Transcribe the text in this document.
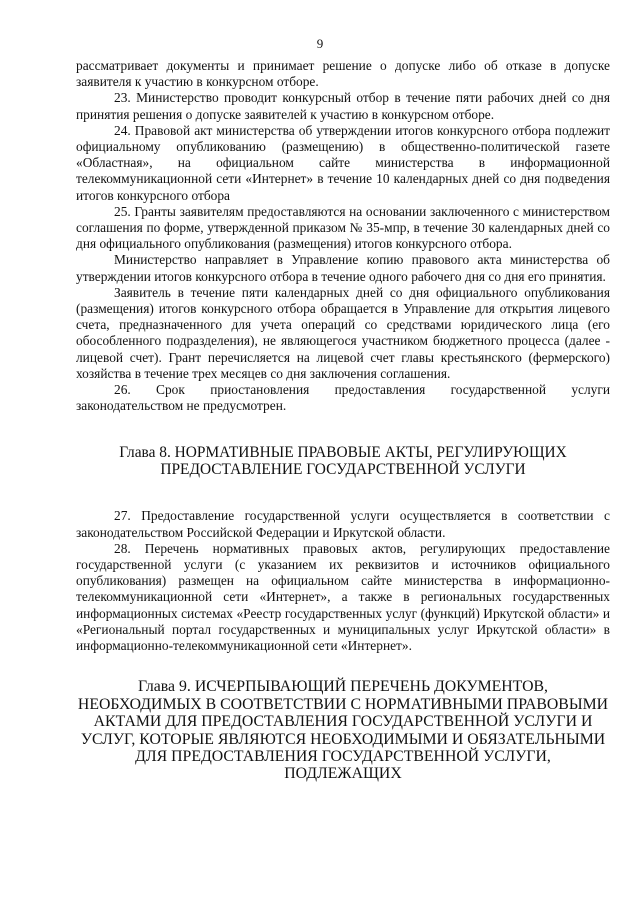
9

рассматривает документы и принимает решение о допуске либо об отказе в допуске заявителя к участию в конкурсном отборе.

23. Министерство проводит конкурсный отбор в течение пяти рабочих дней со дня принятия решения о допуске заявителей к участию в конкурсном отборе.

24. Правовой акт министерства об утверждении итогов конкурсного отбора подлежит официальному опубликованию (размещению) в общественно-политической газете «Областная», на официальном сайте министерства в информационной телекоммуникационной сети «Интернет» в течение 10 календарных дней со дня подведения итогов конкурсного отбора

25. Гранты заявителям предоставляются на основании заключенного с министерством соглашения по форме, утвержденной приказом № 35-мпр, в течение 30 календарных дней со дня официального опубликования (размещения) итогов конкурсного отбора.

Министерство направляет в Управление копию правового акта министерства об утверждении итогов конкурсного отбора в течение одного рабочего дня со дня его принятия.

Заявитель в течение пяти календарных дней со дня официального опубликования (размещения) итогов конкурсного отбора обращается в Управление для открытия лицевого счета, предназначенного для учета операций со средствами юридического лица (его обособленного подразделения), не являющегося участником бюджетного процесса (далее - лицевой счет). Грант перечисляется на лицевой счет главы крестьянского (фермерского) хозяйства в течение трех месяцев со дня заключения соглашения.

26. Срок приостановления предоставления государственной услуги законодательством не предусмотрен.

Глава 8. НОРМАТИВНЫЕ ПРАВОВЫЕ АКТЫ, РЕГУЛИРУЮЩИХ ПРЕДОСТАВЛЕНИЕ ГОСУДАРСТВЕННОЙ УСЛУГИ

27. Предоставление государственной услуги осуществляется в соответствии с законодательством Российской Федерации и Иркутской области.

28. Перечень нормативных правовых актов, регулирующих предоставление государственной услуги (с указанием их реквизитов и источников официального опубликования) размещен на официальном сайте министерства в информационно-телекоммуникационной сети «Интернет», а также в региональных государственных информационных системах «Реестр государственных услуг (функций) Иркутской области» и «Региональный портал государственных и муниципальных услуг Иркутской области» в информационно-телекоммуникационной сети «Интернет».

Глава 9. ИСЧЕРПЫВАЮЩИЙ ПЕРЕЧЕНЬ ДОКУМЕНТОВ, НЕОБХОДИМЫХ В СООТВЕТСТВИИ С НОРМАТИВНЫМИ ПРАВОВЫМИ АКТАМИ ДЛЯ ПРЕДОСТАВЛЕНИЯ ГОСУДАРСТВЕННОЙ УСЛУГИ И УСЛУГ, КОТОРЫЕ ЯВЛЯЮТСЯ НЕОБХОДИМЫМИ И ОБЯЗАТЕЛЬНЫМИ ДЛЯ ПРЕДОСТАВЛЕНИЯ ГОСУДАРСТВЕННОЙ УСЛУГИ, ПОДЛЕЖАЩИХ
